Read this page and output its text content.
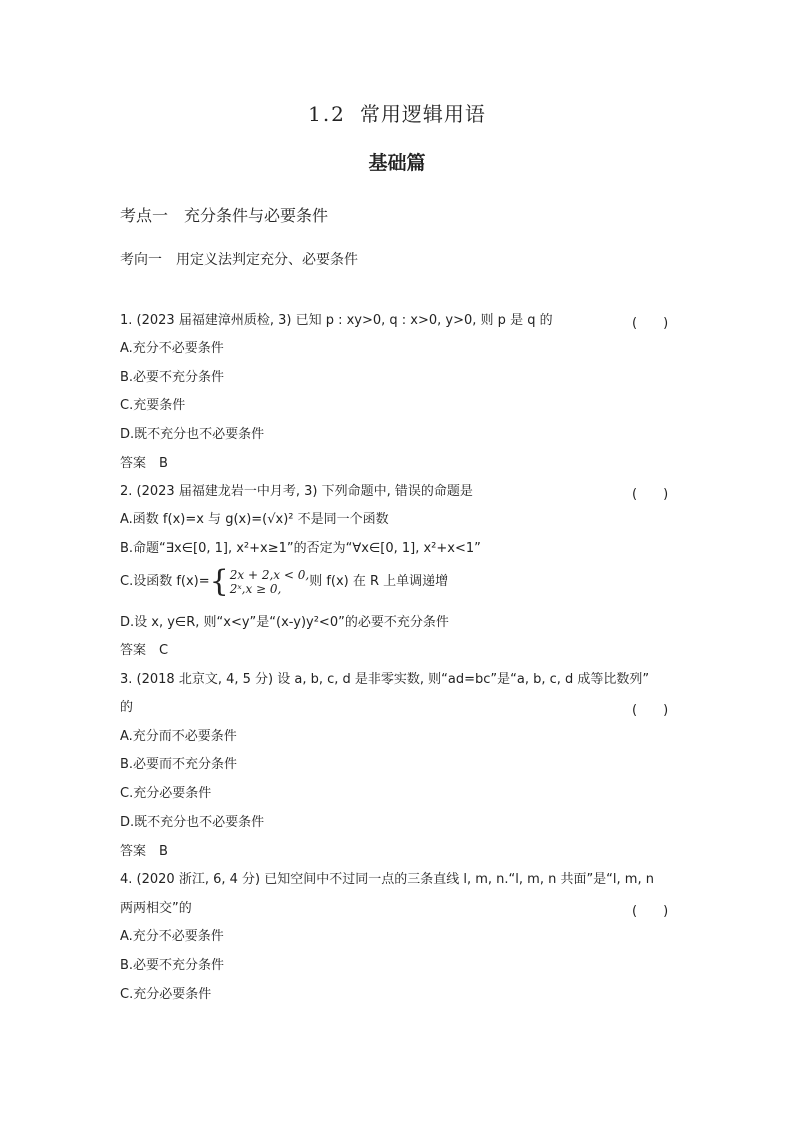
1.2 常用逻辑用语
基础篇
考点一　充分条件与必要条件
考向一　用定义法判定充分、必要条件
1. (2023 届福建漳州质检, 3) 已知 p : xy>0, q : x>0, y>0, 则 p 是 q 的	(　　)
A.充分不必要条件
B.必要不充分条件
C.充要条件
D.既不充分也不必要条件
答案　B
2. (2023 届福建龙岩一中月考, 3) 下列命题中, 错误的命题是	(　　)
A.函数 f(x)=x 与 g(x)=(√x)² 不是同一个函数
B.命题“∃x∈[0, 1], x²+x≥1”的否定为“∀x∈[0, 1], x²+x<1”
C.设函数 f(x)={ 2x + 2,x < 0,
2ˣ,x ≥ 0,	则 f(x) 在 R 上单调递增
D.设 x, y∈R, 则“x<y”是“(x-y)y²<0”的必要不充分条件
答案　C
3. (2018 北京文, 4, 5 分) 设 a, b, c, d 是非零实数, 则“ad=bc”是“a, b, c, d 成等比数列”
的	(　　)
A.充分而不必要条件
B.必要而不充分条件
C.充分必要条件
D.既不充分也不必要条件
答案　B
4. (2020 浙江, 6, 4 分) 已知空间中不过同一点的三条直线 l, m, n.“l, m, n 共面”是“l, m, n
两两相交”的	(　　)
A.充分不必要条件
B.必要不充分条件
C.充分必要条件
